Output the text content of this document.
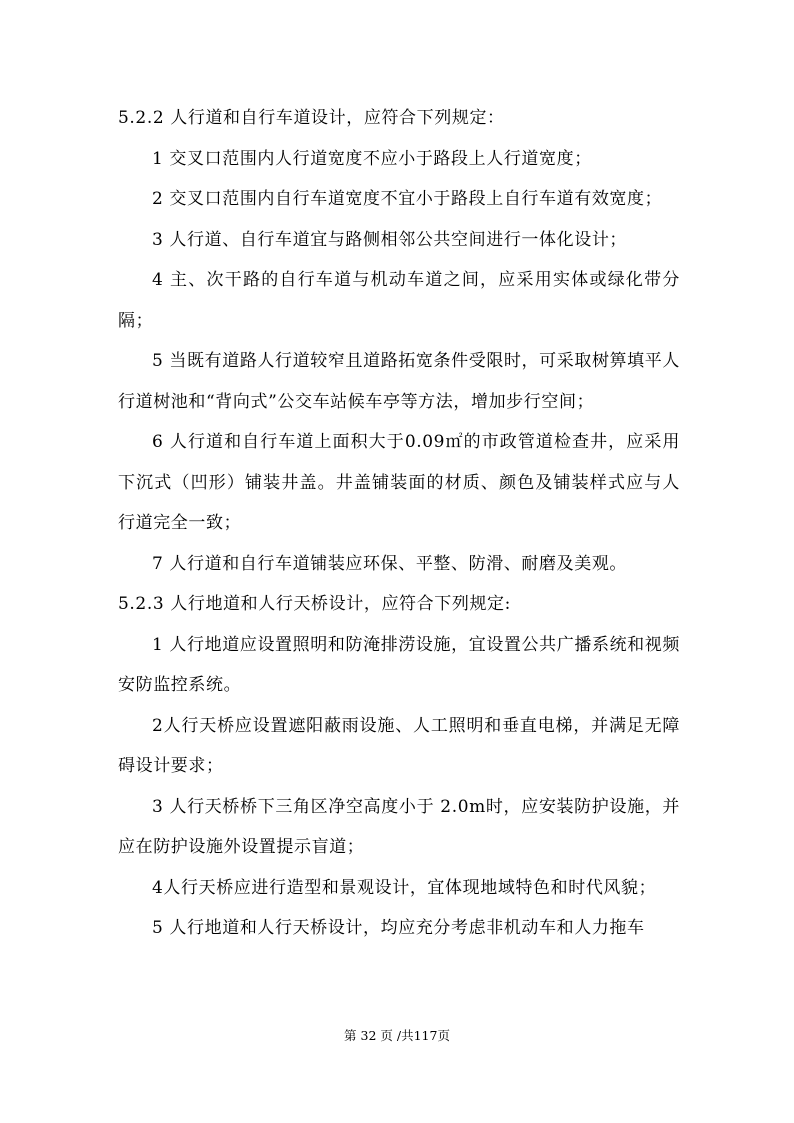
5.2.2 人行道和自行车道设计，应符合下列规定：

1 交叉口范围内人行道宽度不应小于路段上人行道宽度；

2 交叉口范围内自行车道宽度不宜小于路段上自行车道有效宽度；

3 人行道、自行车道宜与路侧相邻公共空间进行一体化设计；

4 主、次干路的自行车道与机动车道之间，应采用实体或绿化带分隔；

5 当既有道路人行道较窄且道路拓宽条件受限时，可采取树箅填平人行道树池和“背向式”公交车站候车亭等方法，增加步行空间；

6 人行道和自行车道上面积大于0.09㎡的市政管道检查井，应采用下沉式（凹形）铺装井盖。井盖铺装面的材质、颜色及铺装样式应与人行道完全一致；

7 人行道和自行车道铺装应环保、平整、防滑、耐磨及美观。

5.2.3 人行地道和人行天桥设计，应符合下列规定:

1 人行地道应设置照明和防淹排涝设施，宜设置公共广播系统和视频安防监控系统。

2人行天桥应设置遮阳蔽雨设施、人工照明和垂直电梯，并满足无障碍设计要求；

3 人行天桥桥下三角区净空高度小于 2.0m时，应安装防护设施，并应在防护设施外设置提示盲道；

4人行天桥应进行造型和景观设计，宜体现地域特色和时代风貌；

5 人行地道和人行天桥设计，均应充分考虑非机动车和人力拖车

第 32 页 /共117页
